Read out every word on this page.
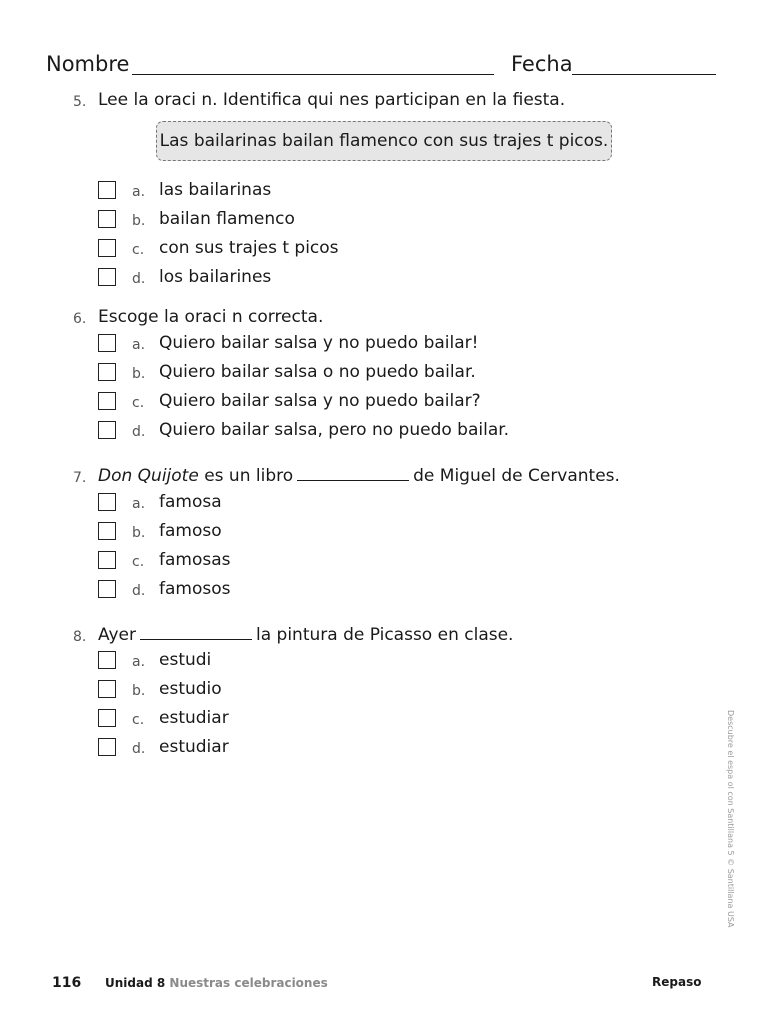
Nombre	Fecha
5. Lee la oraci n. Identifica qui nes participan en la fiesta.
Las bailarinas bailan flamenco con sus trajes t picos.
a. las bailarinas
b. bailan flamenco
c. con sus trajes t picos
d. los bailarines
6. Escoge la oraci n correcta.
a. Quiero bailar salsa y no puedo bailar!
b. Quiero bailar salsa o no puedo bailar.
c. Quiero bailar salsa y no puedo bailar?
d. Quiero bailar salsa, pero no puedo bailar.
7. Don Quijote es un libro	de Miguel de Cervantes.
a. famosa
b. famoso
c. famosas
d. famosos
8. Ayer	la pintura de Picasso en clase.
a. estudi
b. estudio
c. estudiar
d. estudiar	Descubre el espa ol con Santillana 5 © Santillana USA
116 Unidad 8 Nuestras celebraciones	Repaso
